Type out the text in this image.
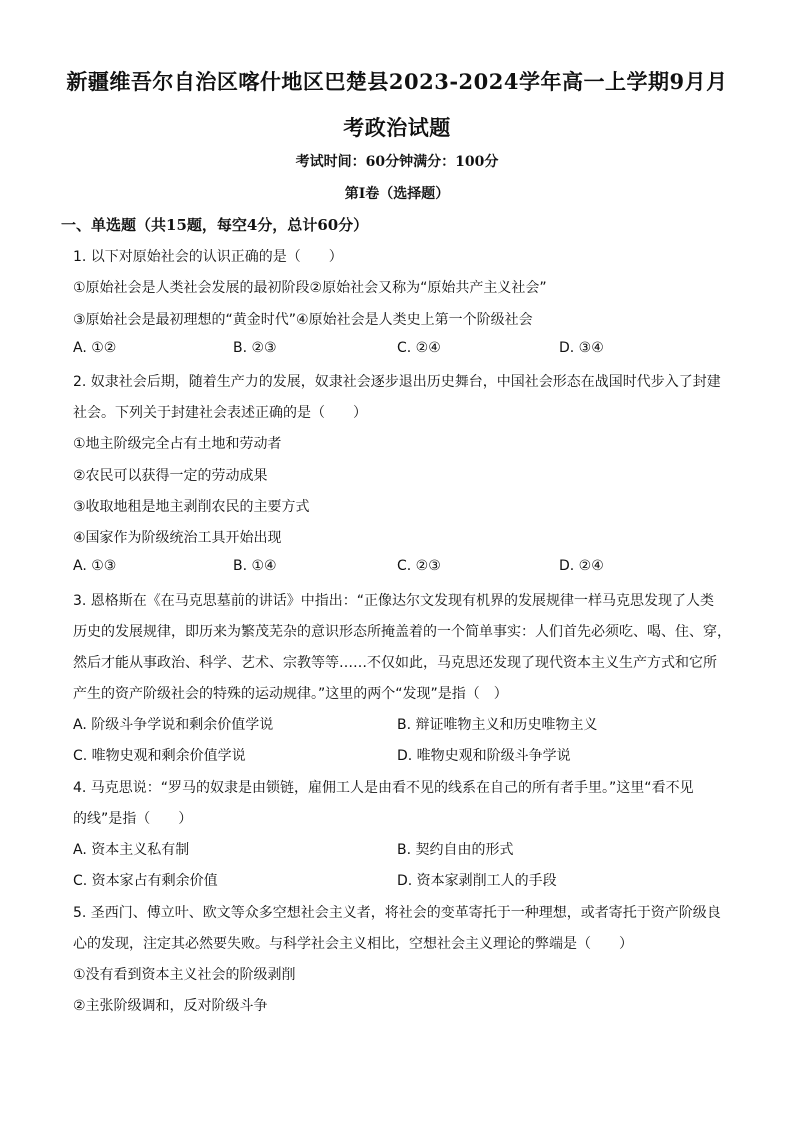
新疆维吾尔自治区喀什地区巴楚县2023-2024学年高一上学期9月月
考政治试题
考试时间：60分钟满分：100分
第I卷（选择题）
一、单选题（共15题，每空4分，总计60分）
1. 以下对原始社会的认识正确的是（　　）
①原始社会是人类社会发展的最初阶段②原始社会又称为“原始共产主义社会”
③原始社会是最初理想的“黄金时代”④原始社会是人类史上第一个阶级社会
A. ①②	B. ②③	C. ②④	D. ③④
2. 奴隶社会后期，随着生产力的发展，奴隶社会逐步退出历史舞台，中国社会形态在战国时代步入了封建
社会。下列关于封建社会表述正确的是（　　）
①地主阶级完全占有土地和劳动者
②农民可以获得一定的劳动成果
③收取地租是地主剥削农民的主要方式
④国家作为阶级统治工具开始出现
A. ①③	B. ①④	C. ②③	D. ②④
3. 恩格斯在《在马克思墓前的讲话》中指出：“正像达尔文发现有机界的发展规律一样马克思发现了人类
历史的发展规律，即历来为繁茂芜杂的意识形态所掩盖着的一个简单事实：人们首先必须吃、喝、住、穿，
然后才能从事政治、科学、艺术、宗教等等……不仅如此，马克思还发现了现代资本主义生产方式和它所
产生的资产阶级社会的特殊的运动规律。”这里的两个“发现”是指（　）
A. 阶级斗争学说和剩余价值学说	B. 辩证唯物主义和历史唯物主义
C. 唯物史观和剩余价值学说	D. 唯物史观和阶级斗争学说
4. 马克思说：“罗马的奴隶是由锁链，雇佣工人是由看不见的线系在自己的所有者手里。”这里“看不见
的线”是指（　　）
A. 资本主义私有制	B. 契约自由的形式
C. 资本家占有剩余价值	D. 资本家剥削工人的手段
5. 圣西门、傅立叶、欧文等众多空想社会主义者，将社会的变革寄托于一种理想，或者寄托于资产阶级良
心的发现，注定其必然要失败。与科学社会主义相比，空想社会主义理论的弊端是（　　）
①没有看到资本主义社会的阶级剥削
②主张阶级调和，反对阶级斗争
